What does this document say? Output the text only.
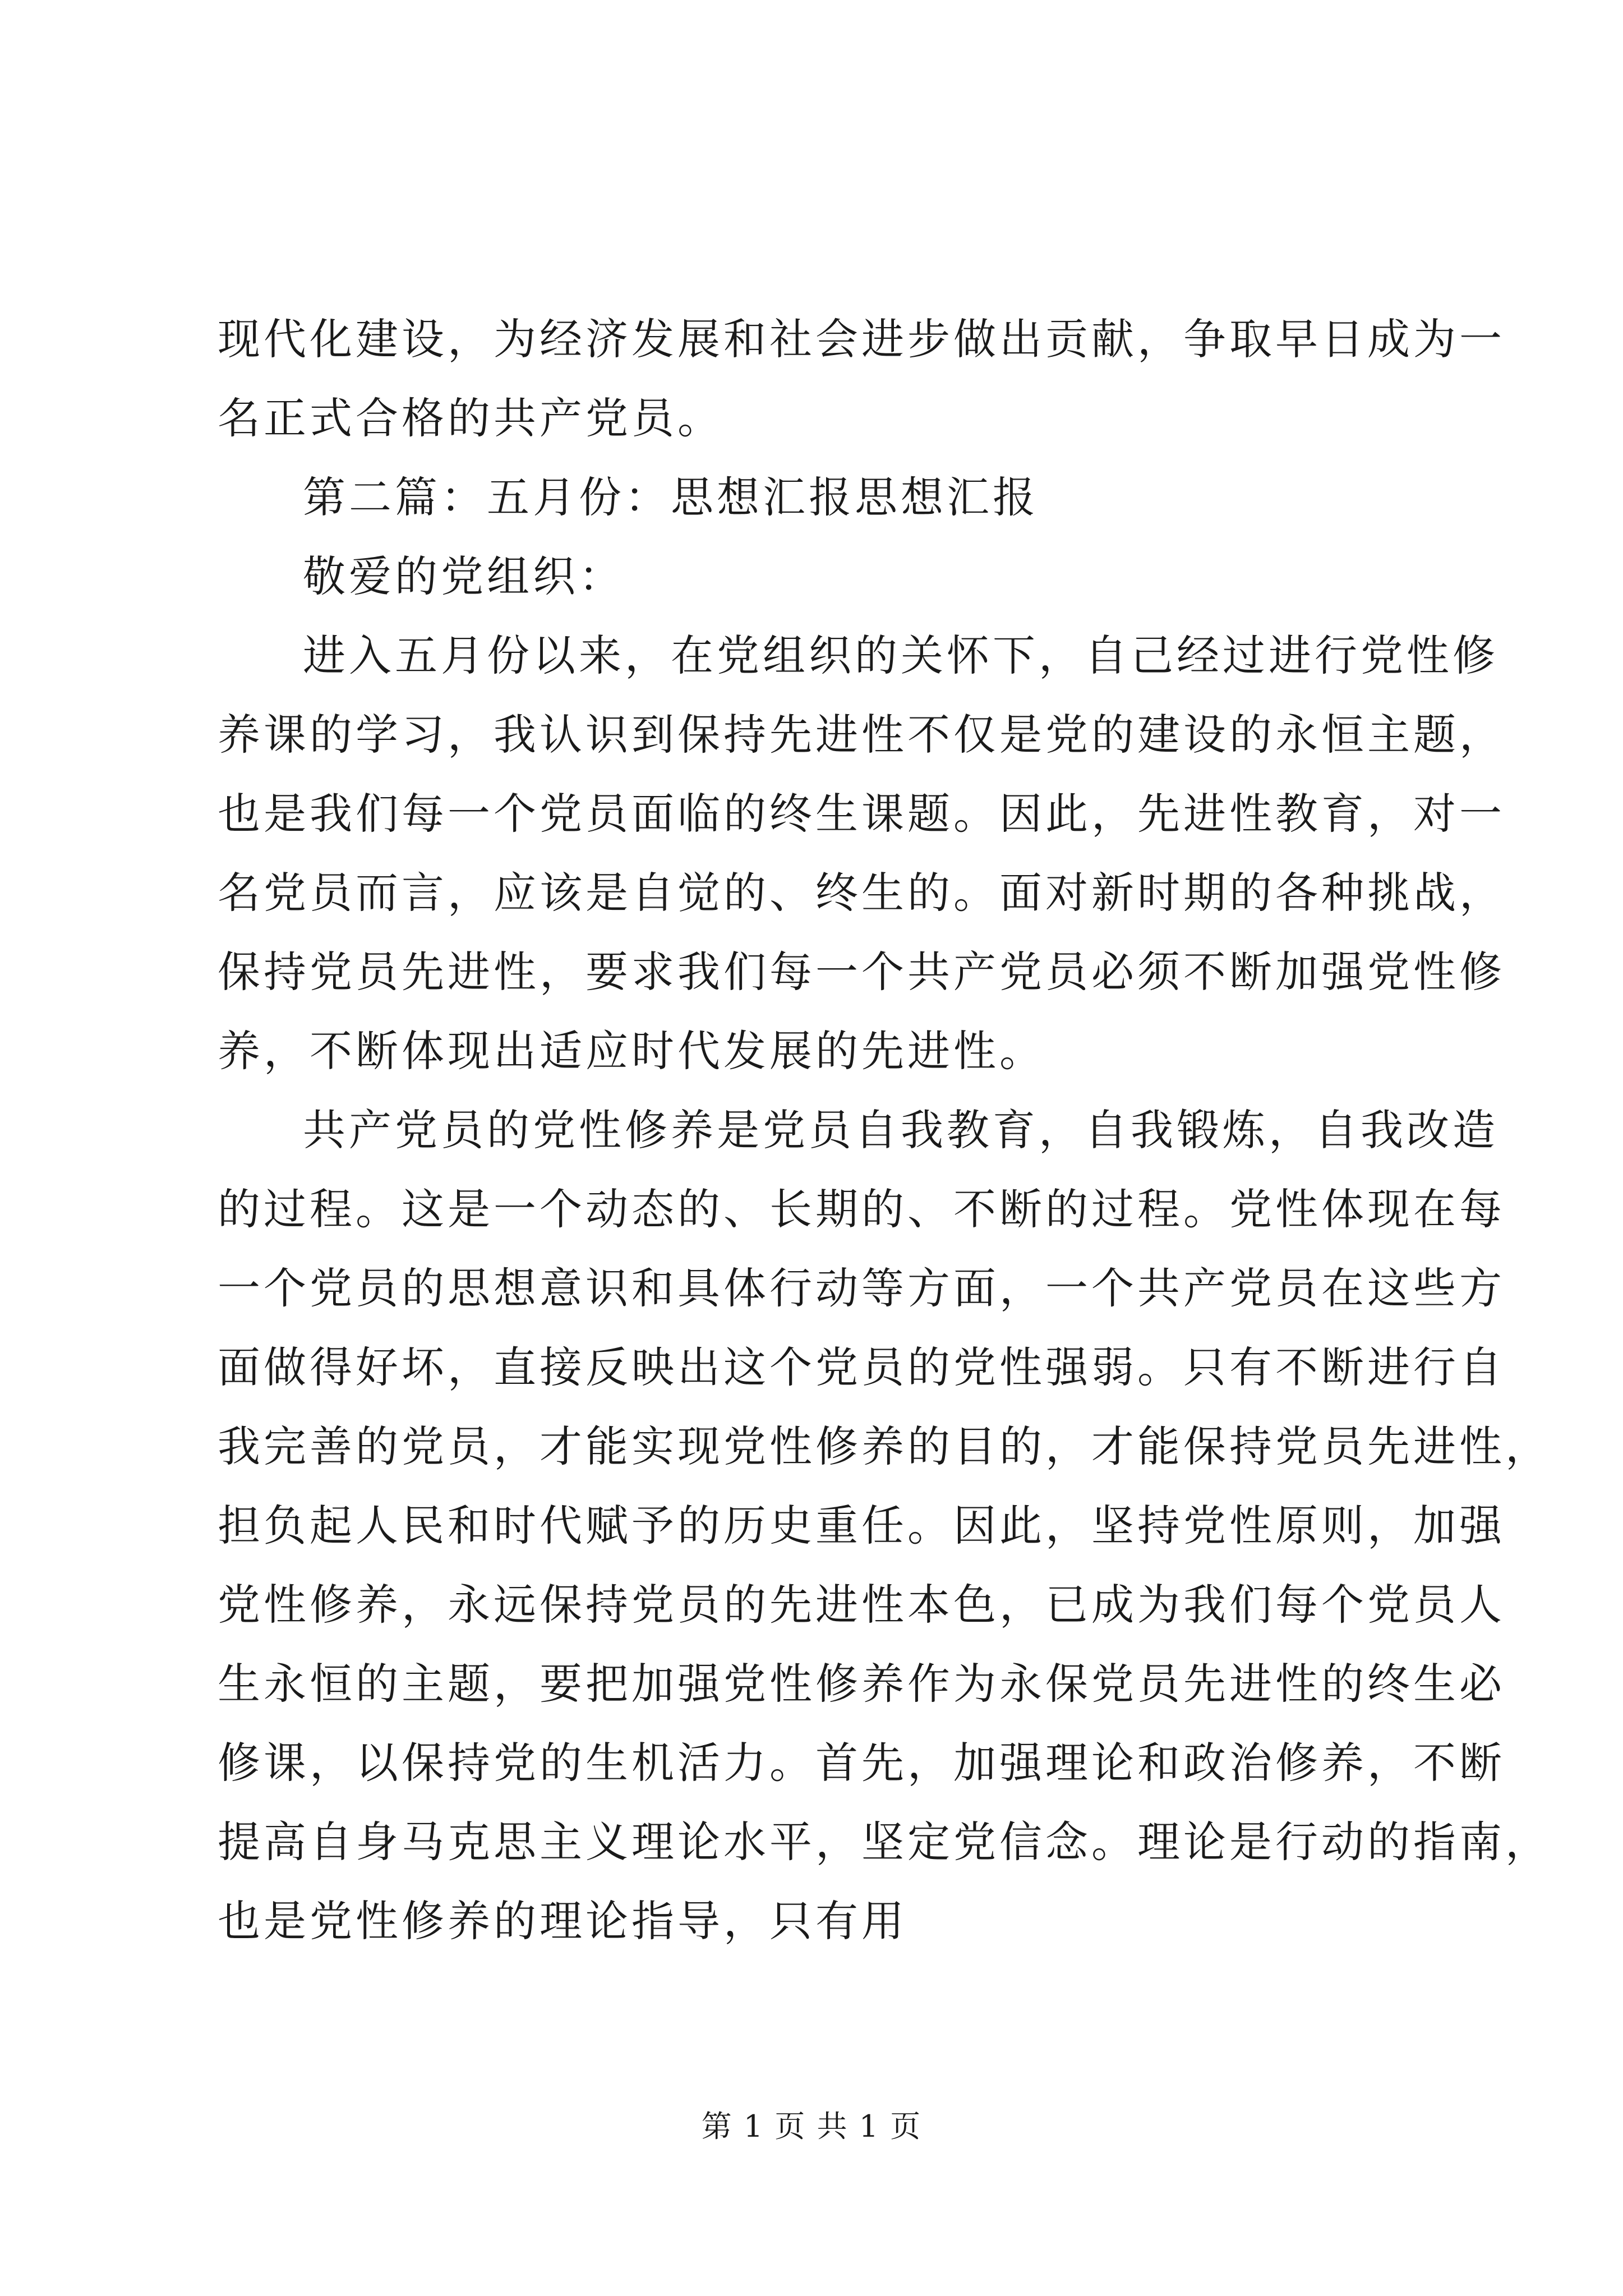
现代化建设，为经济发展和社会进步做出贡献，争取早日成为一
名正式合格的共产党员。
第二篇：五月份：思想汇报思想汇报
敬爱的党组织：
进入五月份以来，在党组织的关怀下，自己经过进行党性修
养课的学习，我认识到保持先进性不仅是党的建设的永恒主题，
也是我们每一个党员面临的终生课题。因此，先进性教育，对一
名党员而言，应该是自觉的、终生的。面对新时期的各种挑战，
保持党员先进性，要求我们每一个共产党员必须不断加强党性修
养，不断体现出适应时代发展的先进性。
共产党员的党性修养是党员自我教育，自我锻炼，自我改造
的过程。这是一个动态的、长期的、不断的过程。党性体现在每
一个党员的思想意识和具体行动等方面，一个共产党员在这些方
面做得好坏，直接反映出这个党员的党性强弱。只有不断进行自
我完善的党员，才能实现党性修养的目的，才能保持党员先进性，
担负起人民和时代赋予的历史重任。因此，坚持党性原则，加强
党性修养，永远保持党员的先进性本色，已成为我们每个党员人
生永恒的主题，要把加强党性修养作为永保党员先进性的终生必
修课，以保持党的生机活力。首先，加强理论和政治修养，不断
提高自身马克思主义理论水平，坚定党信念。理论是行动的指南，
也是党性修养的理论指导，只有用
第 1 页 共 1 页
